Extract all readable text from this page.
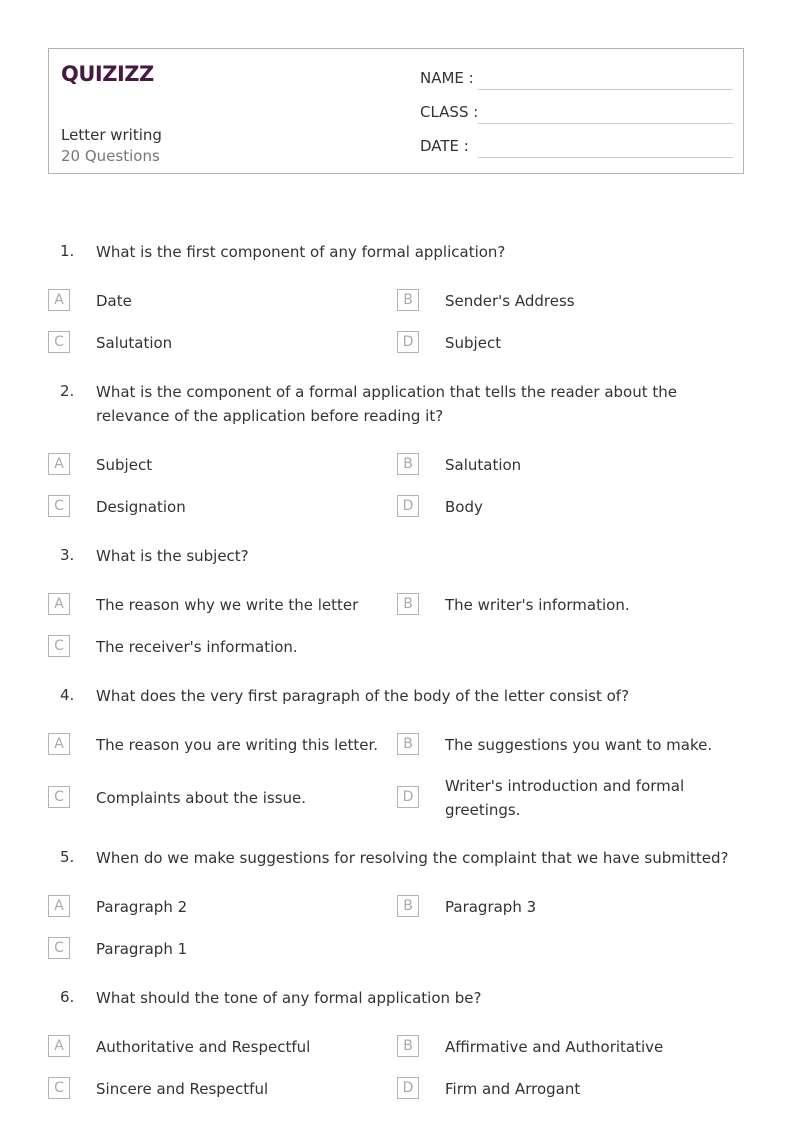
QUIZIZZ
Letter writing
20 Questions
NAME :
CLASS :
DATE :
1. What is the first component of any formal application?
A	Date	B	Sender's Address
C	Salutation	D	Subject
2. What is the component of a formal application that tells the reader about the relevance of the application before reading it?
A	Subject	B	Salutation
C	Designation	D	Body
3. What is the subject?
A	The reason why we write the letter	B	The writer's information.
C	The receiver's information.
4. What does the very first paragraph of the body of the letter consist of?
A	The reason you are writing this letter.	B	The suggestions you want to make.
C	Complaints about the issue.	D
Writer's introduction and formal greetings.
5. When do we make suggestions for resolving the complaint that we have submitted?
A	Paragraph 2	B	Paragraph 3
C	Paragraph 1
6. What should the tone of any formal application be?
A	Authoritative and Respectful	B	Affirmative and Authoritative
C	Sincere and Respectful	D	Firm and Arrogant
